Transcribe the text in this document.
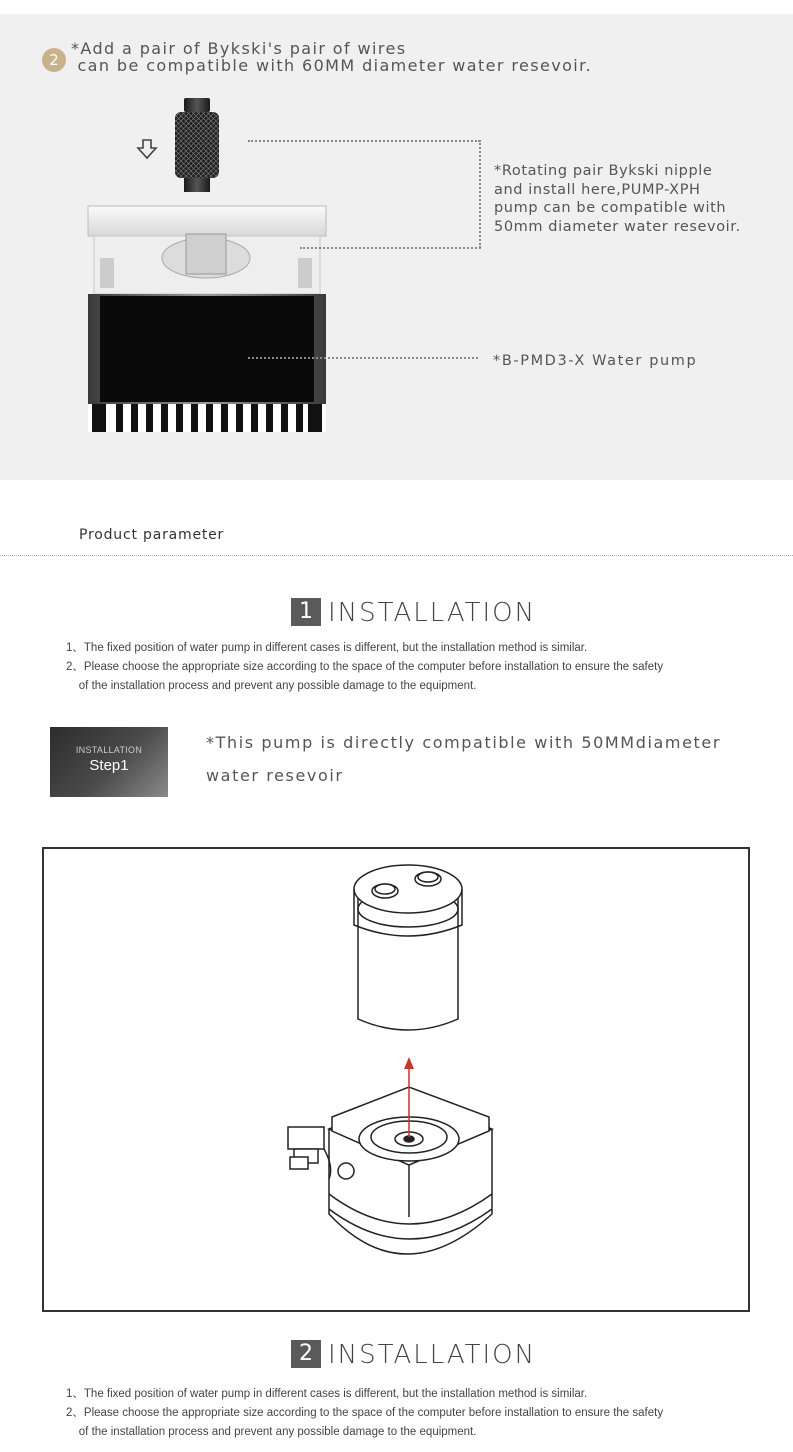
2
*Add a pair of Bykski's pair of wires
can be compatible with 60MM diameter water resevoir.
*Rotating pair Bykski nipple
and install here,PUMP-XPH
pump can be compatible with
50mm diameter water resevoir.
*B-PMD3-X Water pump
Product parameter
1 INSTALLATION
1、The fixed position of water pump in different cases is different, but the installation method is similar.
2、Please choose the appropriate size according to the space of the computer before installation to ensure the safety
of the installation process and prevent any possible damage to the equipment.
INSTALLATION
Step1
*This pump is directly compatible with 50MMdiameter water resevoir
2 INSTALLATION
1、The fixed position of water pump in different cases is different, but the installation method is similar.
2、Please choose the appropriate size according to the space of the computer before installation to ensure the safety
of the installation process and prevent any possible damage to the equipment.
